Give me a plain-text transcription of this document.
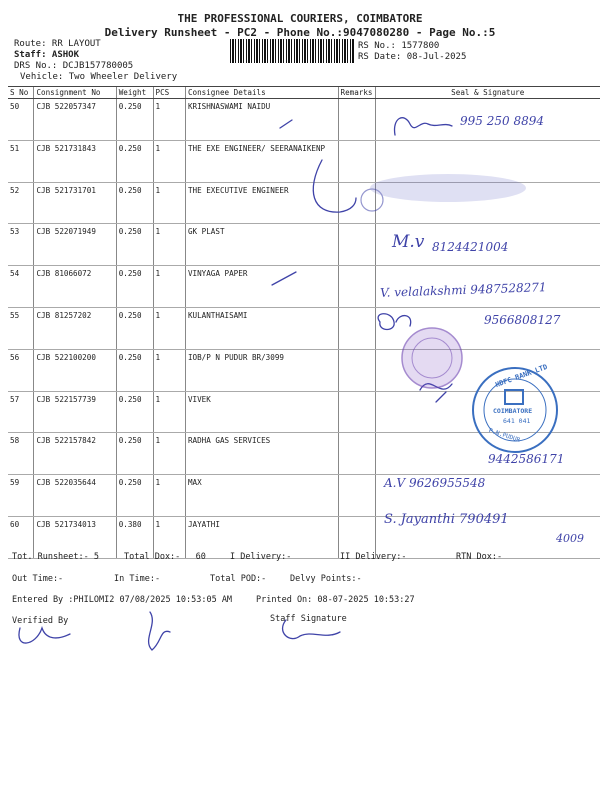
THE PROFESSIONAL COURIERS, COIMBATORE
Delivery Runsheet - PC2 - Phone No.:9047080280 - Page No.:5
Route: RR LAYOUT
Staff: ASHOK
DRS No.: DCJB157780005
Vehicle: Two Wheeler Delivery
RS No.: 1577800
RS Date: 08-Jul-2025
S No	Consignment No	Weight	PCS	Consignee Details	Remarks	Seal & Signature
50	CJB 522057347	0.250	1	KRISHNASWAMI NAIDU		
51	CJB 521731843	0.250	1	THE EXE ENGINEER/ SEERANAIKENP		
52	CJB 521731701	0.250	1	THE EXECUTIVE ENGINEER		
53	CJB 522071949	0.250	1	GK PLAST		
54	CJB 81066072	0.250	1	VINYAGA PAPER		
55	CJB 81257202	0.250	1	KULANTHAISAMI		
56	CJB 522100200	0.250	1	IOB/P N PUDUR BR/3099		
57	CJB 522157739	0.250	1	VIVEK		
58	CJB 522157842	0.250	1	RADHA GAS SERVICES		
59	CJB 522035644	0.250	1	MAX		
60	CJB 521734013	0.380	1	JAYATHI		
HDFC BANK LTD
COIMBATORE
641 041
P.N.PUDUR
995 250 8894
M.v 8124421004
V. velalakshmi 9487528271
9566808127
9442586171
A.V 9626955548
S. Jayanthi 790491
4009
Tot. Runsheet:- 5	Total Dox:-   60	I Delivery:-	II Delivery:-	RTN Dox:-
Out Time:-	In Time:-	Total POD:-	Delvy Points:-
Entered By :PHILOMI2 07/08/2025 10:53:05 AM	Printed On: 08-07-2025 10:53:27
Verified By	Staff Signature
